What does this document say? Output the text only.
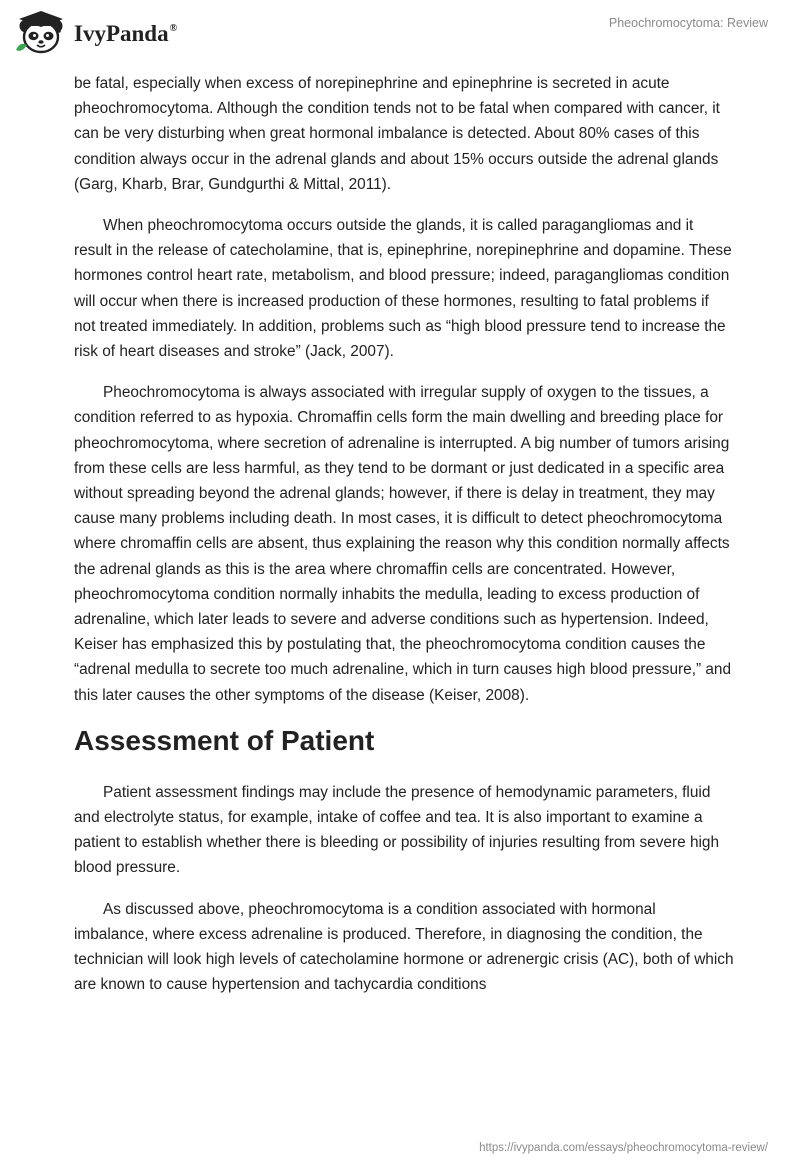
IvyPanda®	Pheochromocytoma: Review

be fatal, especially when excess of norepinephrine and epinephrine is secreted in acute pheochromocytoma. Although the condition tends not to be fatal when compared with cancer, it can be very disturbing when great hormonal imbalance is detected. About 80% cases of this condition always occur in the adrenal glands and about 15% occurs outside the adrenal glands (Garg, Kharb, Brar, Gundgurthi & Mittal, 2011).

When pheochromocytoma occurs outside the glands, it is called paragangliomas and it result in the release of catecholamine, that is, epinephrine, norepinephrine and dopamine. These hormones control heart rate, metabolism, and blood pressure; indeed, paragangliomas condition will occur when there is increased production of these hormones, resulting to fatal problems if not treated immediately. In addition, problems such as “high blood pressure tend to increase the risk of heart diseases and stroke” (Jack, 2007).

Pheochromocytoma is always associated with irregular supply of oxygen to the tissues, a condition referred to as hypoxia. Chromaffin cells form the main dwelling and breeding place for pheochromocytoma, where secretion of adrenaline is interrupted. A big number of tumors arising from these cells are less harmful, as they tend to be dormant or just dedicated in a specific area without spreading beyond the adrenal glands; however, if there is delay in treatment, they may cause many problems including death. In most cases, it is difficult to detect pheochromocytoma where chromaffin cells are absent, thus explaining the reason why this condition normally affects the adrenal glands as this is the area where chromaffin cells are concentrated. However, pheochromocytoma condition normally inhabits the medulla, leading to excess production of adrenaline, which later leads to severe and adverse conditions such as hypertension. Indeed, Keiser has emphasized this by postulating that, the pheochromocytoma condition causes the “adrenal medulla to secrete too much adrenaline, which in turn causes high blood pressure,” and this later causes the other symptoms of the disease (Keiser, 2008).

Assessment of Patient

Patient assessment findings may include the presence of hemodynamic parameters, fluid and electrolyte status, for example, intake of coffee and tea. It is also important to examine a patient to establish whether there is bleeding or possibility of injuries resulting from severe high blood pressure.

As discussed above, pheochromocytoma is a condition associated with hormonal imbalance, where excess adrenaline is produced. Therefore, in diagnosing the condition, the technician will look high levels of catecholamine hormone or adrenergic crisis (AC), both of which are known to cause hypertension and tachycardia conditions

https://ivypanda.com/essays/pheochromocytoma-review/
